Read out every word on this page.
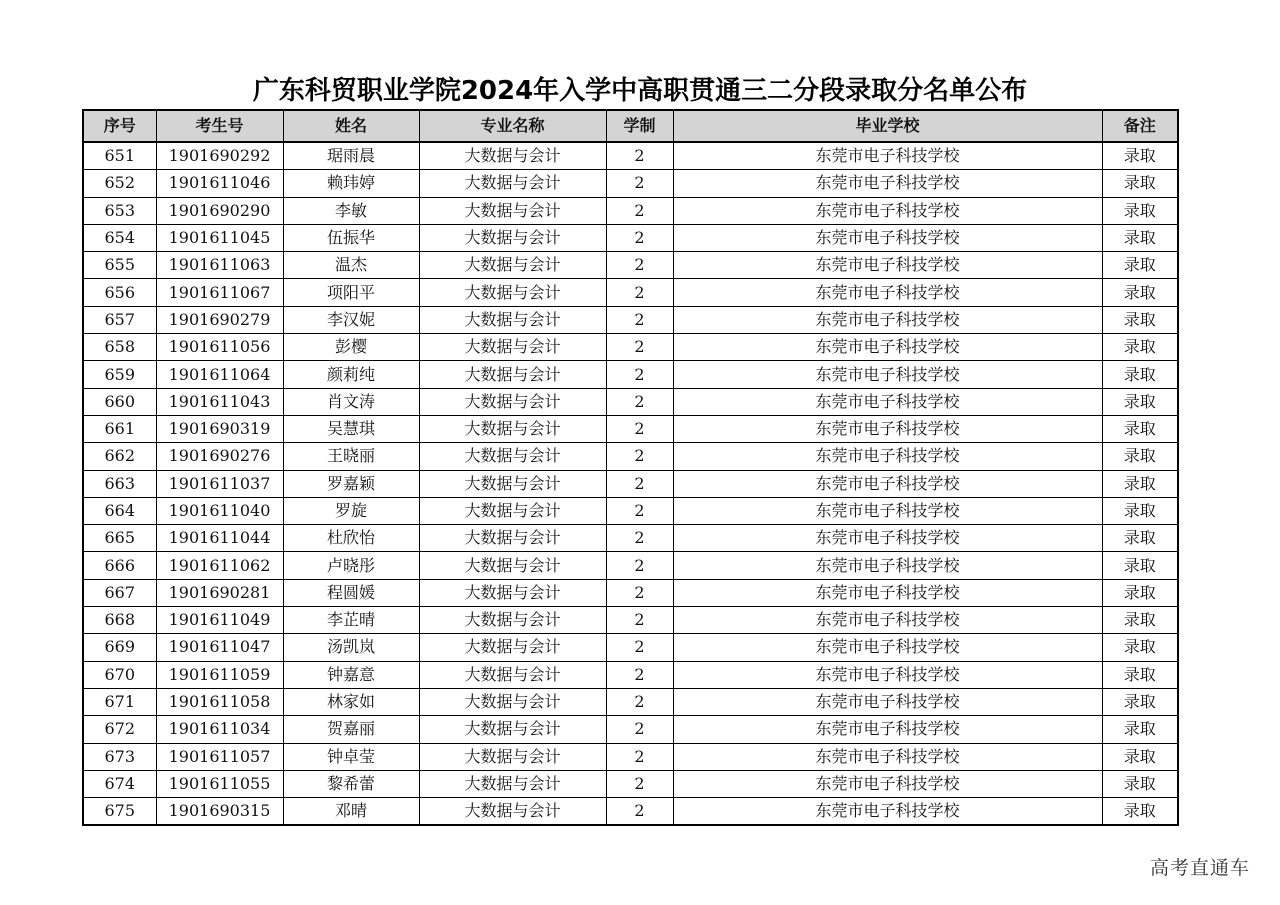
广东科贸职业学院2024年入学中高职贯通三二分段录取分名单公布
序号	考生号	姓名	专业名称	学制	毕业学校	备注
651	1901690292	琚雨晨	大数据与会计	2	东莞市电子科技学校	录取
652	1901611046	赖玮婷	大数据与会计	2	东莞市电子科技学校	录取
653	1901690290	李敏	大数据与会计	2	东莞市电子科技学校	录取
654	1901611045	伍振华	大数据与会计	2	东莞市电子科技学校	录取
655	1901611063	温杰	大数据与会计	2	东莞市电子科技学校	录取
656	1901611067	项阳平	大数据与会计	2	东莞市电子科技学校	录取
657	1901690279	李汉妮	大数据与会计	2	东莞市电子科技学校	录取
658	1901611056	彭樱	大数据与会计	2	东莞市电子科技学校	录取
659	1901611064	颜莉纯	大数据与会计	2	东莞市电子科技学校	录取
660	1901611043	肖文涛	大数据与会计	2	东莞市电子科技学校	录取
661	1901690319	吴慧琪	大数据与会计	2	东莞市电子科技学校	录取
662	1901690276	王晓丽	大数据与会计	2	东莞市电子科技学校	录取
663	1901611037	罗嘉颖	大数据与会计	2	东莞市电子科技学校	录取
664	1901611040	罗旋	大数据与会计	2	东莞市电子科技学校	录取
665	1901611044	杜欣怡	大数据与会计	2	东莞市电子科技学校	录取
666	1901611062	卢晓彤	大数据与会计	2	东莞市电子科技学校	录取
667	1901690281	程圆媛	大数据与会计	2	东莞市电子科技学校	录取
668	1901611049	李芷晴	大数据与会计	2	东莞市电子科技学校	录取
669	1901611047	汤凯岚	大数据与会计	2	东莞市电子科技学校	录取
670	1901611059	钟嘉意	大数据与会计	2	东莞市电子科技学校	录取
671	1901611058	林家如	大数据与会计	2	东莞市电子科技学校	录取
672	1901611034	贺嘉丽	大数据与会计	2	东莞市电子科技学校	录取
673	1901611057	钟卓莹	大数据与会计	2	东莞市电子科技学校	录取
674	1901611055	黎希蕾	大数据与会计	2	东莞市电子科技学校	录取
675	1901690315	邓晴	大数据与会计	2	东莞市电子科技学校	录取
高考直通车
